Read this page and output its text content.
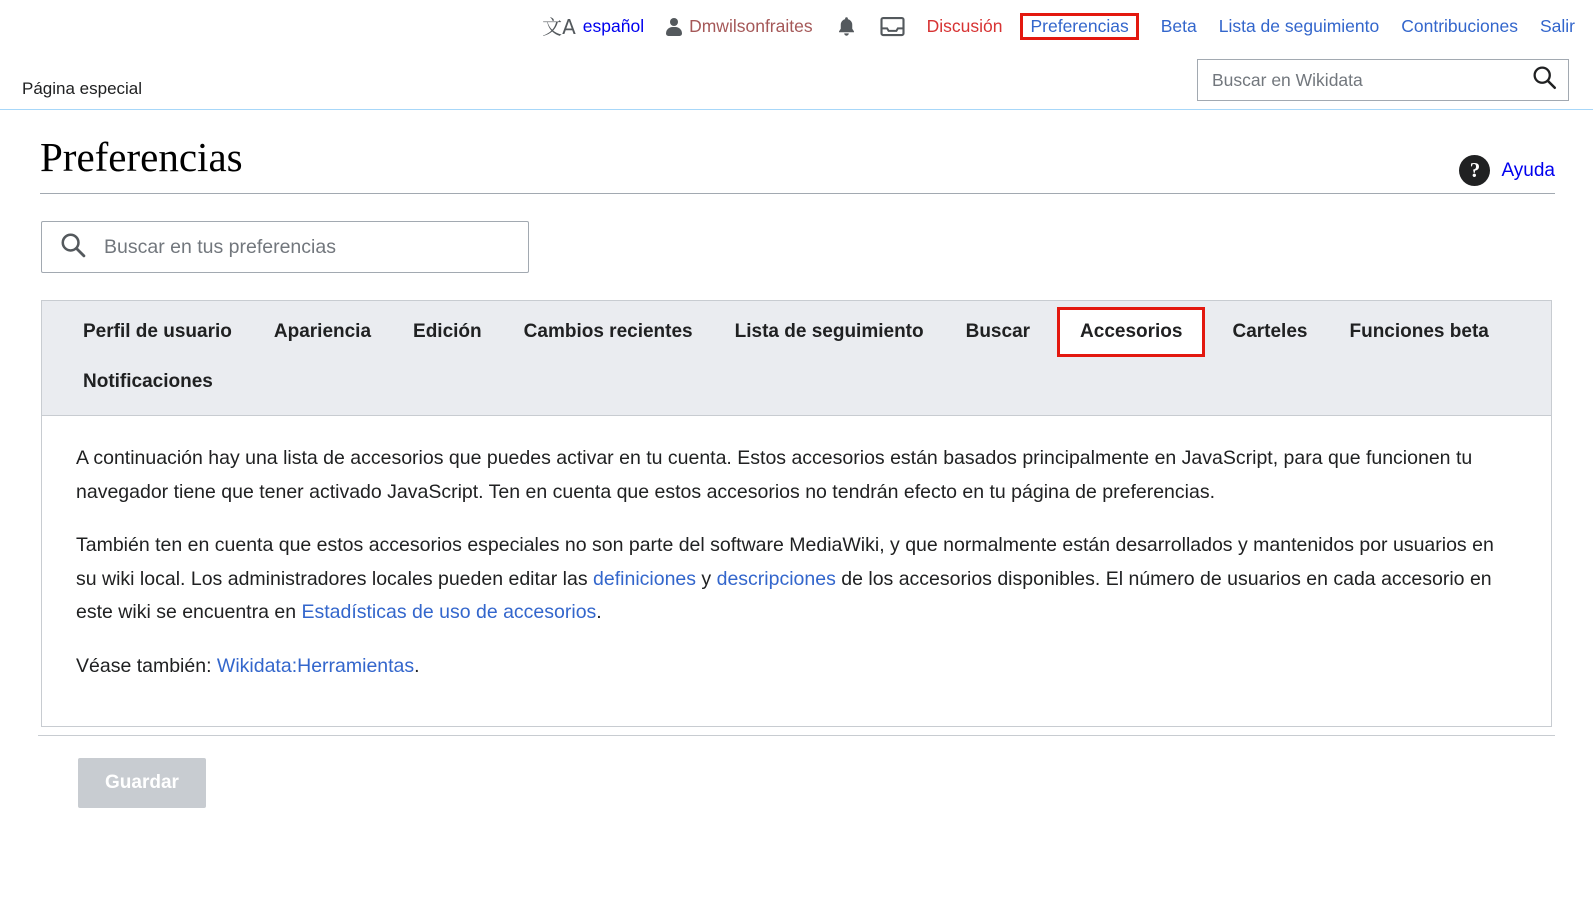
文A español	Dmwilsonfraites	Discusión Preferencias Beta Lista de seguimiento Contribuciones Salir
Página especial
Buscar en Wikidata
?	Ayuda
Preferencias
Buscar en tus preferencias
Perfil de usuario	Apariencia	Edición	Cambios recientes	Lista de seguimiento	Buscar	Accesorios	Carteles	Funciones beta
Notificaciones

A continuación hay una lista de accesorios que puedes activar en tu cuenta. Estos accesorios están basados principalmente en JavaScript, para que funcionen tu navegador tiene que tener activado JavaScript. Ten en cuenta que estos accesorios no tendrán efecto en tu página de preferencias.

También ten en cuenta que estos accesorios especiales no son parte del software MediaWiki, y que normalmente están desarrollados y mantenidos por usuarios en su wiki local. Los administradores locales pueden editar las definiciones y descripciones de los accesorios disponibles. El número de usuarios en cada accesorio en este wiki se encuentra en Estadísticas de uso de accesorios.

Véase también: Wikidata:Herramientas.

Guardar
